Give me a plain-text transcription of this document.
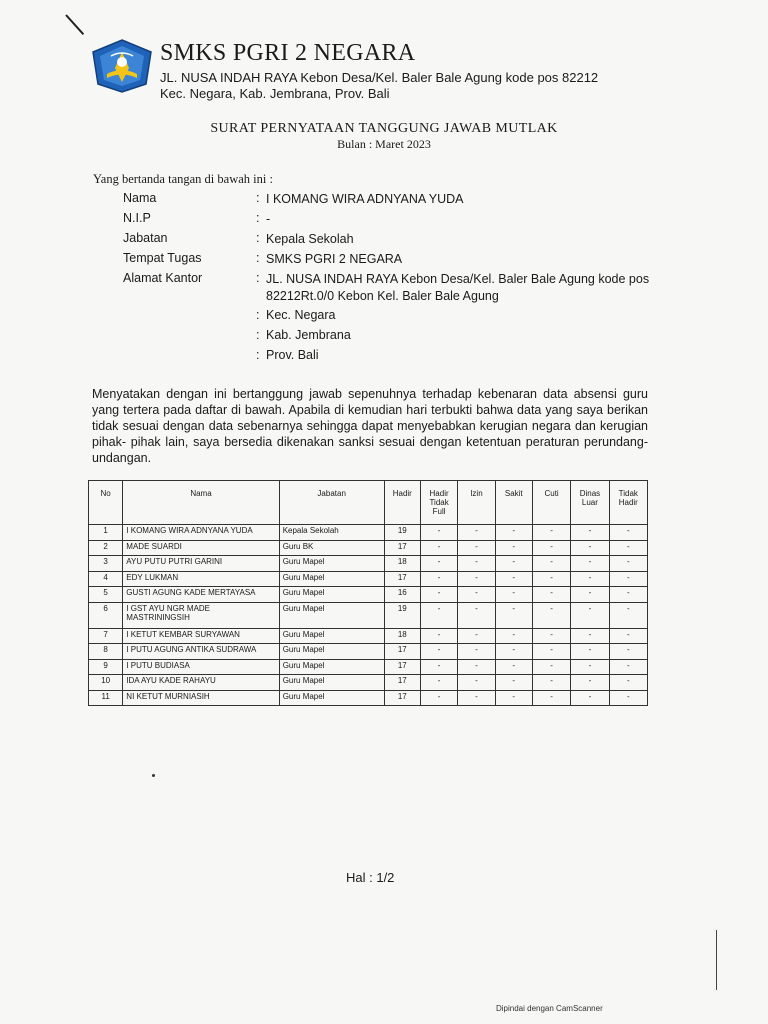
SMKS PGRI 2 NEGARA
JL. NUSA INDAH RAYA Kebon Desa/Kel. Baler Bale Agung kode pos 82212
Kec. Negara, Kab. Jembrana, Prov. Bali
SURAT PERNYATAAN TANGGUNG JAWAB MUTLAK
Bulan : Maret 2023
Yang bertanda tangan di bawah ini :
Nama	: I KOMANG WIRA ADNYANA YUDA
N.I.P	: -
Jabatan	: Kepala Sekolah
Tempat Tugas	: SMKS PGRI 2 NEGARA
Alamat Kantor	: JL. NUSA INDAH RAYA Kebon Desa/Kel. Baler Bale Agung kode pos 82212Rt.0/0 Kebon Kel. Baler Bale Agung
: Kec. Negara
: Kab. Jembrana
: Prov. Bali
Menyatakan dengan ini bertanggung jawab sepenuhnya terhadap kebenaran data absensi guru yang tertera pada daftar di bawah. Apabila di kemudian hari terbukti bahwa data yang saya berikan tidak sesuai dengan data sebenarnya sehingga dapat menyebabkan kerugian negara dan kerugian pihak- pihak lain, saya bersedia dikenakan sanksi sesuai dengan ketentuan peraturan perundang-undangan.
No	Nama	Jabatan	Hadir	Hadir Tidak Full	Izin	Sakit	Cuti	Dinas Luar	Tidak Hadir
1	I KOMANG WIRA ADNYANA YUDA	Kepala Sekolah	19	-	-	-	-	-	-
2	MADE SUARDI	Guru BK	17	-	-	-	-	-	-
3	AYU PUTU PUTRI GARINI	Guru Mapel	18	-	-	-	-	-	-
4	EDY LUKMAN	Guru Mapel	17	-	-	-	-	-	-
5	GUSTI AGUNG KADE MERTAYASA	Guru Mapel	16	-	-	-	-	-	-
6	I GST AYU NGR MADE MASTRININGSIH	Guru Mapel	19	-	-	-	-	-	-
7	I KETUT KEMBAR SURYAWAN	Guru Mapel	18	-	-	-	-	-	-
8	I PUTU AGUNG ANTIKA SUDRAWA	Guru Mapel	17	-	-	-	-	-	-
9	I PUTU BUDIASA	Guru Mapel	17	-	-	-	-	-	-
10	IDA AYU KADE RAHAYU	Guru Mapel	17	-	-	-	-	-	-
11	NI KETUT MURNIASIH	Guru Mapel	17	-	-	-	-	-	-
Hal : 1/2
Dipindai dengan CamScanner
